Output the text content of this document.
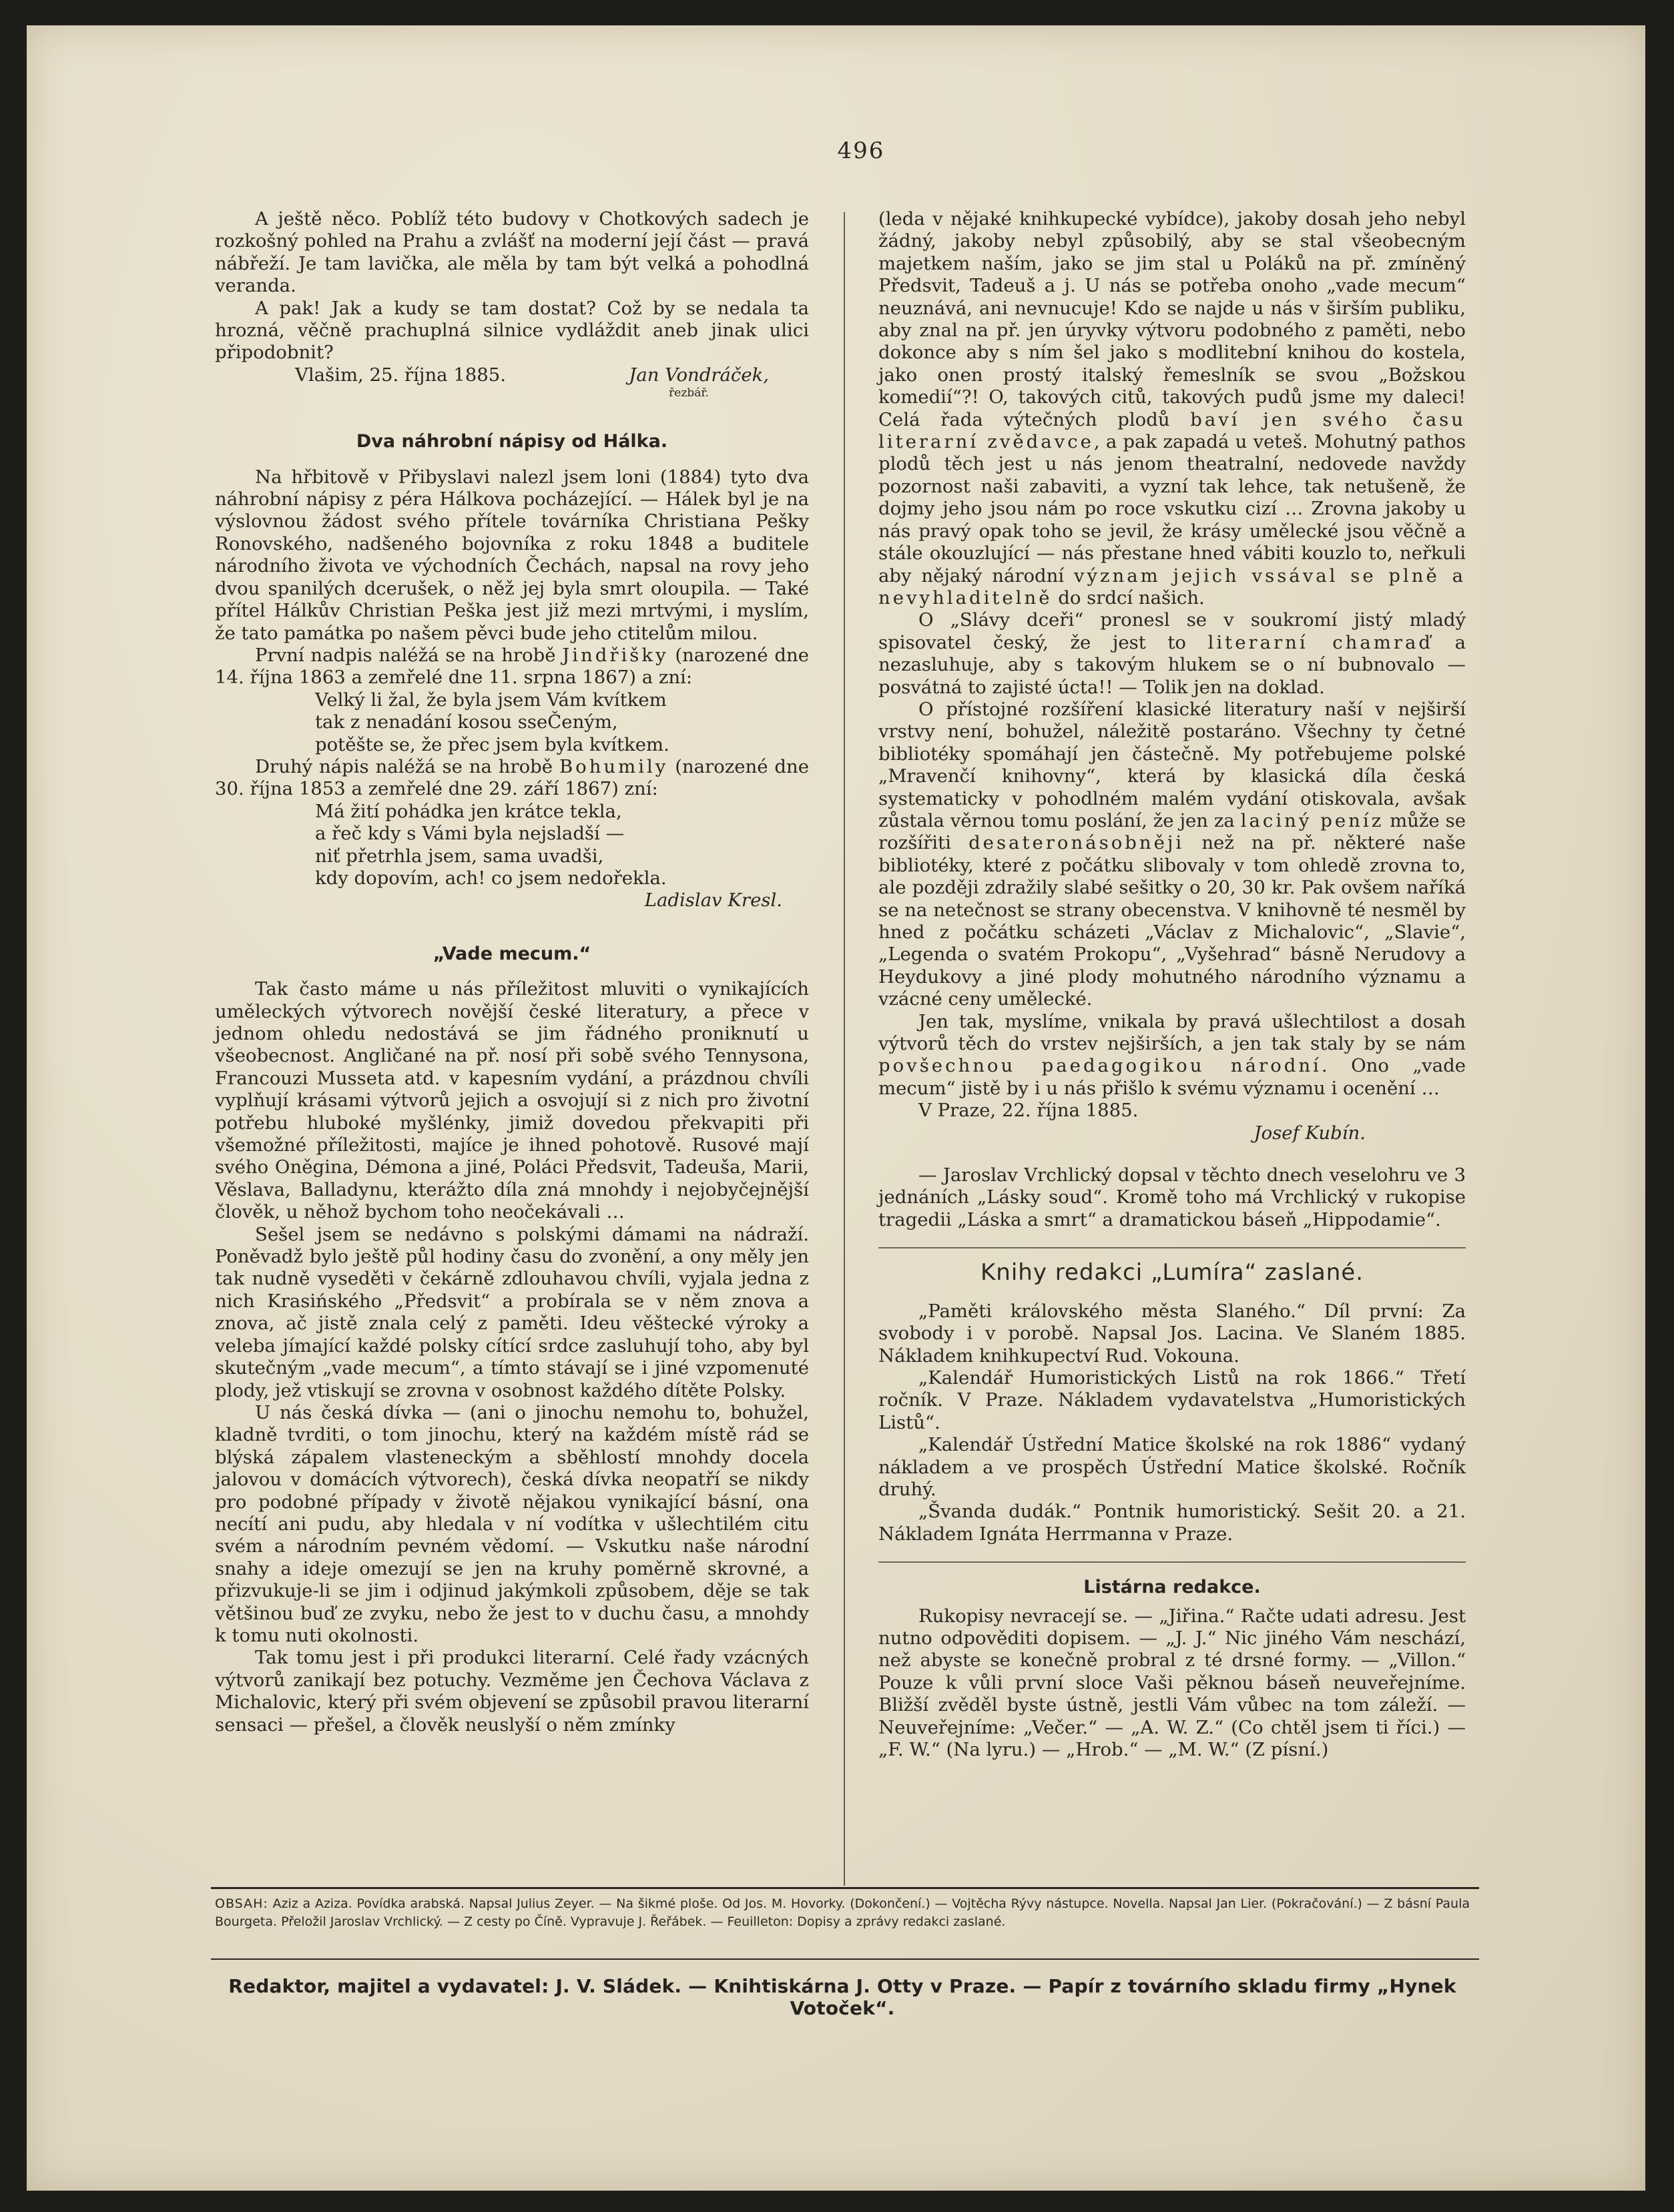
496

A ještě něco. Poblíž této budovy v Chotkových sadech je rozkošný pohled na Prahu a zvlášť na moderní její část — pravá nábřeží. Je tam lavička, ale měla by tam být velká a pohodlná veranda.

A pak! Jak a kudy se tam dostat? Což by se nedala ta hrozná, věčně prachuplná silnice vydláždit aneb jinak ulici připodobnit?

Vlašim, 25. října 1885.	Jan Vondráček,
řezbář.
Dva náhrobní nápisy od Hálka.

Na hřbitově v Přibyslavi nalezl jsem loni (1884) tyto dva náhrobní nápisy z péra Hálkova pocházející. — Hálek byl je na výslovnou žádost svého přítele továrníka Christiana Pešky Ronovského, nadšeného bojovníka z roku 1848 a buditele národního života ve východních Čechách, napsal na rovy jeho dvou spanilých dcerušek, o něž jej byla smrt oloupila. — Také přítel Hálkův Christian Peška jest již mezi mrtvými, i myslím, že tato památka po našem pěvci bude jeho ctitelům milou.

První nadpis naléžá se na hrobě Jindřišky (narozené dne 14. října 1863 a zemřelé dne 11. srpna 1867) a zní:

Velký li žal, že byla jsem Vám kvítkem
tak z nenadání kosou sseČeným,
potěšte se, že přec jsem byla kvítkem.

Druhý nápis naléžá se na hrobě Bohumily (narozené dne 30. října 1853 a zemřelé dne 29. září 1867) zní:

Má žití pohádka jen krátce tekla,
a řeč kdy s Vámi byla nejsladší —
niť přetrhla jsem, sama uvadši,
kdy dopovím, ach! co jsem nedořekla.
Ladislav Kresl.
„Vade mecum.“

Tak často máme u nás příležitost mluviti o vynikajících uměleckých výtvorech novější české literatury, a přece v jednom ohledu nedostává se jim řádného proniknutí u všeobecnost. Angličané na př. nosí při sobě svého Tennysona, Francouzi Musseta atd. v kapesním vydání, a prázdnou chvíli vyplňují krásami výtvorů jejich a osvojují si z nich pro životní potřebu hluboké myšlénky, jimiž dovedou překvapiti při všemožné příležitosti, majíce je ihned pohotově. Rusové mají svého Oněgina, Démona a jiné, Poláci Předsvit, Tadeuša, Marii, Věslava, Balladynu, kterážto díla zná mnohdy i nejobyčejnější člověk, u něhož bychom toho neočekávali …

Sešel jsem se nedávno s polskými dámami na nádraží. Poněvadž bylo ještě půl hodiny času do zvonění, a ony měly jen tak nudně vyseděti v čekárně zdlouhavou chvíli, vyjala jedna z nich Krasińského „Předsvit“ a probírala se v něm znova a znova, ač jistě znala celý z paměti. Ideu věštecké výroky a veleba jímající každé polsky cítící srdce zasluhují toho, aby byl skutečným „vade mecum“, a tímto stávají se i jiné vzpomenuté plody, jež vtiskují se zrovna v osobnost každého dítěte Polsky.

U nás česká dívka — (ani o jinochu nemohu to, bohužel, kladně tvrditi, o tom jinochu, který na každém místě rád se blýská zápalem vlasteneckým a sběhlostí mnohdy docela jalovou v domácích výtvorech), česká dívka neopatří se nikdy pro podobné případy v životě nějakou vynikající básní, ona necítí ani pudu, aby hledala v ní vodítka v ušlechtilém citu svém a národním pevném vědomí. — Vskutku naše národní snahy a ideje omezují se jen na kruhy poměrně skrovné, a přizvukuje-li se jim i odjinud jakýmkoli způsobem, děje se tak většinou buď ze zvyku, nebo že jest to v duchu času, a mnohdy k tomu nuti okolnosti.

Tak tomu jest i při produkci literarní. Celé řady vzácných výtvorů zanikají bez potuchy. Vezměme jen Čechova Václava z Michalovic, který při svém objevení se způsobil pravou literarní sensaci — přešel, a člověk neuslyší o něm zmínky

(leda v nějaké knihkupecké vybídce), jakoby dosah jeho nebyl žádný, jakoby nebyl způsobilý, aby se stal všeobecným majetkem naším, jako se jim stal u Poláků na př. zmíněný Předsvit, Tadeuš a j. U nás se potřeba onoho „vade mecum“ neuznává, ani nevnucuje! Kdo se najde u nás v širším publiku, aby znal na př. jen úryvky výtvoru podobného z paměti, nebo dokonce aby s ním šel jako s modlitební knihou do kostela, jako onen prostý italský řemeslník se svou „Božskou komedií“?! O, takových citů, takových pudů jsme my daleci! Celá řada výtečných plodů baví jen svého času literarní zvědavce, a pak zapadá u veteš. Mohutný pathos plodů těch jest u nás jenom theatralní, nedovede navždy pozornost naši zabaviti, a vyzní tak lehce, tak netušeně, že dojmy jeho jsou nám po roce vskutku cizí … Zrovna jakoby u nás pravý opak toho se jevil, že krásy umělecké jsou věčně a stále okouzlující — nás přestane hned vábiti kouzlo to, neřkuli aby nějaký národní význam jejich vssával se plně a nevyhladitelně do srdcí našich.

O „Slávy dceři“ pronesl se v soukromí jistý mladý spisovatel český, že jest to literarní chamraď a nezasluhuje, aby s takovým hlukem se o ní bubnovalo — posvátná to zajisté úcta!! — Tolik jen na doklad.

O přístojné rozšíření klasické literatury naší v nejširší vrstvy není, bohužel, náležitě postaráno. Všechny ty četné bibliotéky spomáhají jen částečně. My potřebujeme polské „Mravenčí knihovny“, která by klasická díla česká systematicky v pohodlném malém vydání otiskovala, avšak zůstala věrnou tomu poslání, že jen za laciný peníz může se rozšířiti desateronásobněji než na př. některé naše bibliotéky, které z počátku slibovaly v tom ohledě zrovna to, ale později zdražily slabé sešitky o 20, 30 kr. Pak ovšem naříká se na netečnost se strany obecenstva. V knihovně té nesměl by hned z počátku scházeti „Václav z Michalovic“, „Slavie“, „Legenda o svatém Prokopu“, „Vyšehrad“ básně Nerudovy a Heydukovy a jiné plody mohutného národního významu a vzácné ceny umělecké.

Jen tak, myslíme, vnikala by pravá ušlechtilost a dosah výtvorů těch do vrstev nejširších, a jen tak staly by se nám povšechnou paedagogikou národní. Ono „vade mecum“ jistě by i u nás přišlo k svému významu i ocenění …

V Praze, 22. října 1885.

Josef Kubín.

— Jaroslav Vrchlický dopsal v těchto dnech veselohru ve 3 jednáních „Lásky soud“. Kromě toho má Vrchlický v rukopise tragedii „Láska a smrt“ a dramatickou báseň „Hippodamie“.

Knihy redakci „Lumíra“ zaslané.

„Paměti královského města Slaného.“ Díl první: Za svobody i v porobě. Napsal Jos. Lacina. Ve Slaném 1885. Nákladem knihkupectví Rud. Vokouna.

„Kalendář Humoristických Listů na rok 1866.“ Třetí ročník. V Praze. Nákladem vydavatelstva „Humoristických Listů“.

„Kalendář Ústřední Matice školské na rok 1886“ vydaný nákladem a ve prospěch Ústřední Matice školské. Ročník druhý.

„Švanda dudák.“ Pontnik humoristický. Sešit 20. a 21. Nákladem Ignáta Herrmanna v Praze.

Listárna redakce.

Rukopisy nevracejí se. — „Jiřina.“ Račte udati adresu. Jest nutno odpověditi dopisem. — „J. J.“ Nic jiného Vám neschází, než abyste se konečně probral z té drsné formy. — „Villon.“ Pouze k vůli první sloce Vaši pěknou báseň neuveřejníme. Bližší zvěděl byste ústně, jestli Vám vůbec na tom záleží. — Neuveřejníme: „Večer.“ — „A. W. Z.“ (Co chtěl jsem ti říci.) — „F. W.“ (Na lyru.) — „Hrob.“ — „M. W.“ (Z písní.)

OBSAH: Aziz a Aziza. Povídka arabská. Napsal Julius Zeyer. — Na šikmé ploše. Od Jos. M. Hovorky. (Dokončení.) — Vojtěcha Rývy nástupce. Novella. Napsal Jan Lier. (Pokračování.) — Z básní Paula Bourgeta. Přeložil Jaroslav Vrchlický. — Z cesty po Číně. Vypravuje J. Řeřábek. — Feuilleton: Dopisy a zprávy redakci zaslané.
Redaktor, majitel a vydavatel: J. V. Sládek. — Knihtiskárna J. Otty v Praze. — Papír z továrního skladu firmy „Hynek Votoček“.
